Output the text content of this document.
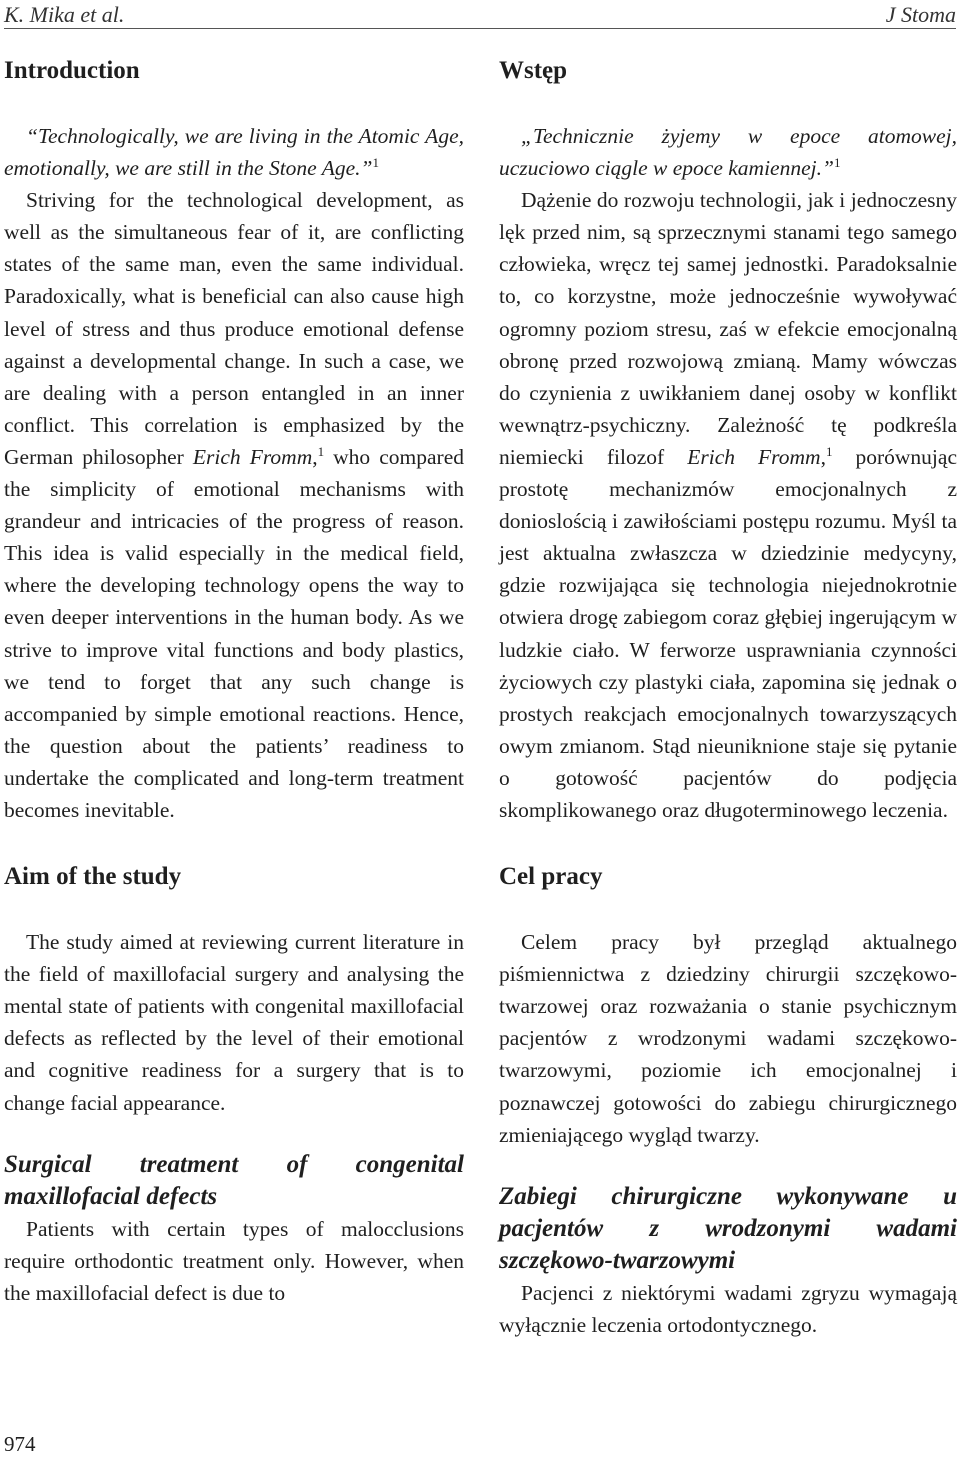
K. Mika et al.	J Stoma
Introduction

“Technologically, we are living in the Atomic Age, emotionally, we are still in the Stone Age.”$^1$

Striving for the technological development, as well as the simultaneous fear of it, are conflicting states of the same man, even the same individual. Paradoxically, what is beneficial can also cause high level of stress and thus produce emotional defense against a developmental change. In such a case, we are dealing with a person entangled in an inner conflict. This correlation is emphasized by the German philosopher Erich Fromm,$^1$ who compared the simplicity of emotional mechanisms with grandeur and intricacies of the progress of reason. This idea is valid especially in the medical field, where the developing technology opens the way to even deeper interventions in the human body. As we strive to improve vital functions and body plastics, we tend to forget that any such change is accompanied by simple emotional reactions. Hence, the question about the patients’ readiness to undertake the complicated and long-term treatment becomes inevitable.

Aim of the study

The study aimed at reviewing current literature in the field of maxillofacial surgery and analysing the mental state of patients with congenital maxillofacial defects as reflected by the level of their emotional and cognitive readiness for a surgery that is to change facial appearance.

Surgical treatment of congenital maxillofacial defects

Patients with certain types of malocclusions require orthodontic treatment only. However, when the maxillofacial defect is due to

Wstęp

„Technicznie żyjemy w epoce atomowej, uczuciowo ciągle w epoce kamiennej.”$^1$

Dążenie do rozwoju technologii, jak i jednoczesny lęk przed nim, są sprzecznymi stanami tego samego człowieka, wręcz tej samej jednostki. Paradoksalnie to, co korzystne, może jednocześnie wywoływać ogromny poziom stresu, zaś w efekcie emocjonalną obronę przed rozwojową zmianą. Mamy wówczas do czynienia z uwikłaniem danej osoby w konflikt wewnątrz-psychiczny. Zależność tę podkreśla niemiecki filozof Erich Fromm,$^1$ porównując prostotę mechanizmów emocjonalnych z donioslością i zawiłościami postępu rozumu. Myśl ta jest aktualna zwłaszcza w dziedzinie medycyny, gdzie rozwijająca się technologia niejednokrotnie otwiera drogę zabiegom coraz głębiej ingerującym w ludzkie ciało. W ferworze usprawniania czynności życiowych czy plastyki ciała, zapomina się jednak o prostych reakcjach emocjonalnych towarzyszących owym zmianom. Stąd nieuniknione staje się pytanie o gotowość pacjentów do podjęcia skomplikowanego oraz długoterminowego leczenia.

Cel pracy

Celem pracy był przegląd aktualnego piśmiennictwa z dziedziny chirurgii szczękowo-twarzowej oraz rozważania o stanie psychicznym pacjentów z wrodzonymi wadami szczękowo-twarzowymi, poziomie ich emocjonalnej i poznawczej gotowości do zabiegu chirurgicznego zmieniającego wygląd twarzy.

Zabiegi chirurgiczne wykonywane u pacjentów z wrodzonymi wadami szczękowo-twarzowymi

Pacjenci z niektórymi wadami zgryzu wymagają wyłącznie leczenia ortodontycznego.

974
